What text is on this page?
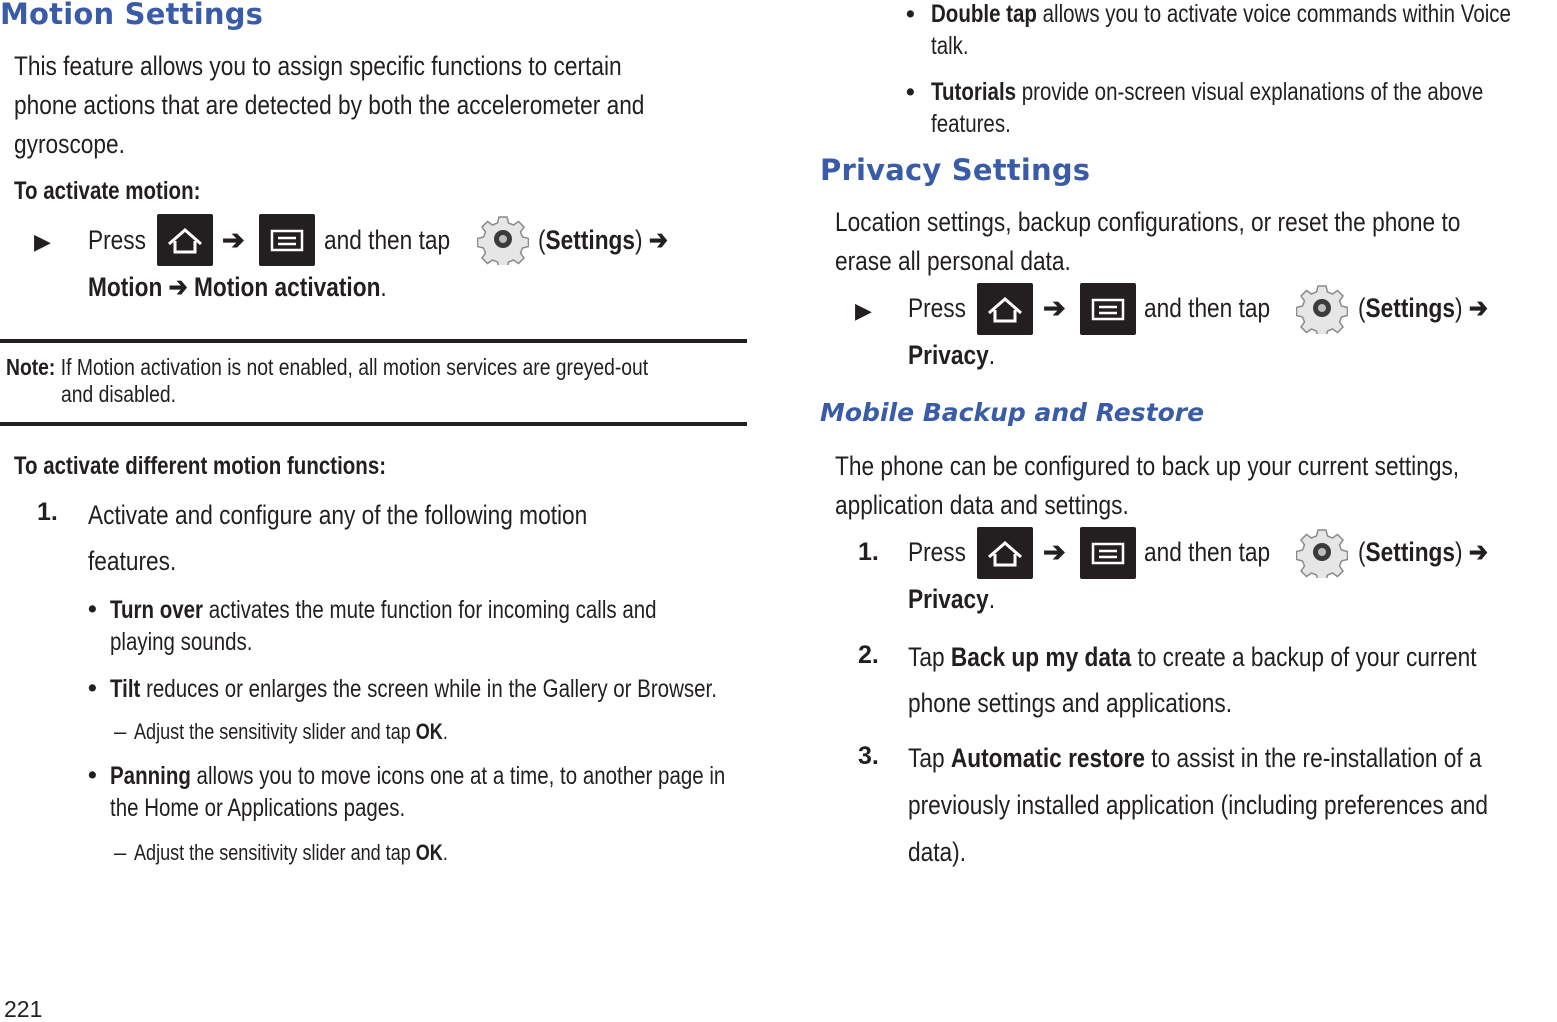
Motion Settings
This feature allows you to assign specific functions to certain
phone actions that are detected by both the accelerometer and
gyroscope.
To activate motion:
▶ Press	➔	and then tap	(Settings) ➔
Motion ➔ Motion activation.
Note: If Motion activation is not enabled, all motion services are greyed-out
and disabled.
To activate different motion functions:
1. Activate and configure any of the following motion
features.
• Turn over activates the mute function for incoming calls and
playing sounds.
• Tilt reduces or enlarges the screen while in the Gallery or Browser.
– Adjust the sensitivity slider and tap OK.
• Panning allows you to move icons one at a time, to another page in
the Home or Applications pages.
– Adjust the sensitivity slider and tap OK.
• Double tap allows you to activate voice commands within Voice
talk.
• Tutorials provide on-screen visual explanations of the above
features.
Privacy Settings
Location settings, backup configurations, or reset the phone to
erase all personal data.
▶ Press	➔	and then tap	(Settings) ➔
Privacy.
Mobile Backup and Restore
The phone can be configured to back up your current settings,
application data and settings.
1. Press	➔	and then tap	(Settings) ➔
Privacy.
2. Tap Back up my data to create a backup of your current
phone settings and applications.
3. Tap Automatic restore to assist in the re-installation of a
previously installed application (including preferences and
data).
221
